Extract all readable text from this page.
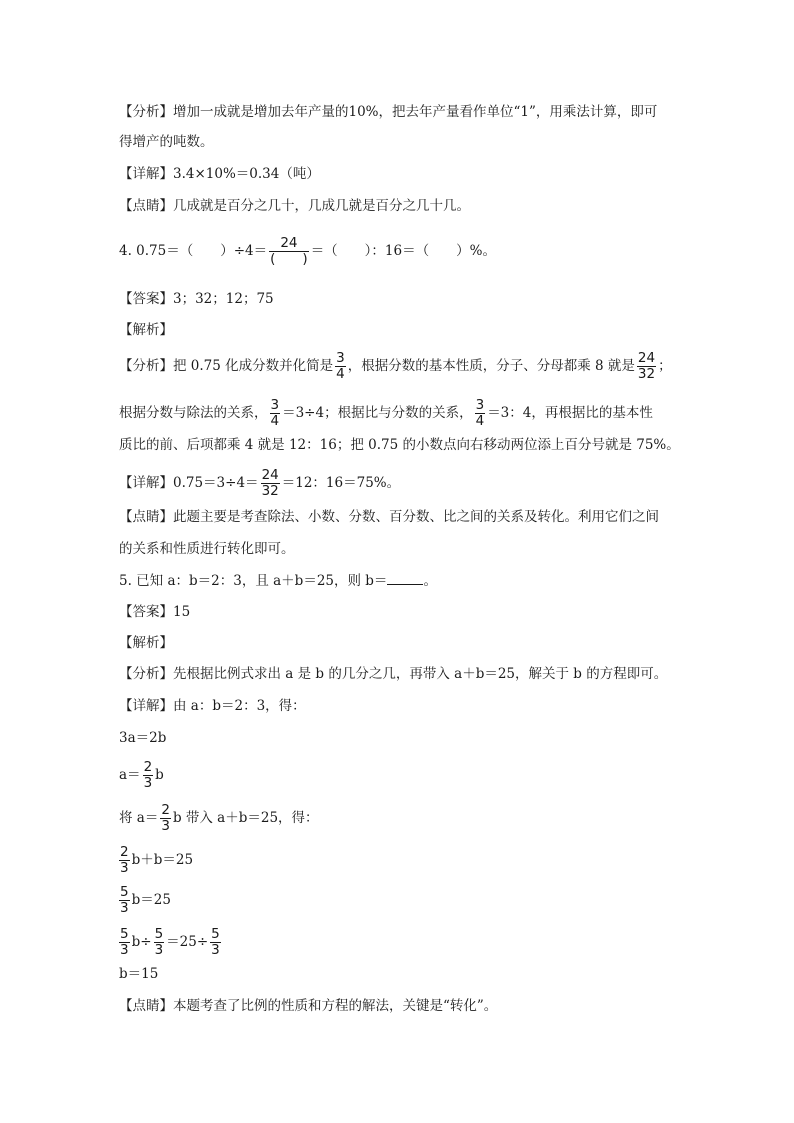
【分析】增加一成就是增加去年产量的10%，把去年产量看作单位“1”，用乘法计算，即可
得增产的吨数。
【详解】3.4×10%＝0.34（吨）
【点睛】几成就是百分之几十，几成几就是百分之几十几。
4. 0.75＝（　　）÷4＝ 24
(　　) ＝（　　）：16＝（　　）%。
【答案】3；32；12；75
【解析】
【分析】把 0.75 化成分数并化简是 $\frac{3}{4}$ ，根据分数的基本性质，分子、分母都乘 8 就是 $\frac{24}{32}$ ；
根据分数与除法的关系， $\frac{3}{4} =3\div 4$；根据比与分数的关系， $\frac{3}{4} =3$：4，再根据比的基本性
质比的前、后项都乘 4 就是 12：16；把 0.75 的小数点向右移动两位添上百分号就是 75%。
【详解】$0.75=3\div 4= \frac{24}{32} =12$：16＝75%。
【点睛】此题主要是考查除法、小数、分数、百分数、比之间的关系及转化。利用它们之间
的关系和性质进行转化即可。
5. 已知 a：b＝2：3，且 a＋b＝25，则 b＝	。
【答案】15
【解析】
【分析】先根据比例式求出 a 是 b 的几分之几，再带入 a＋b＝25，解关于 b 的方程即可。
【详解】由 a：b＝2：3，得：
3a＝2b
$a= \frac{2}{3}$ b
将 $a= \frac{2}{3}$ b 带入 a＋b＝25，得：
$\frac{2}{3} b+b=25$
$\frac{5}{3} b=25$
$\frac{5}{3} b\div \frac{5}{3} =25\div \frac{5}{3}$
b＝15
【点睛】本题考查了比例的性质和方程的解法，关键是“转化”。
